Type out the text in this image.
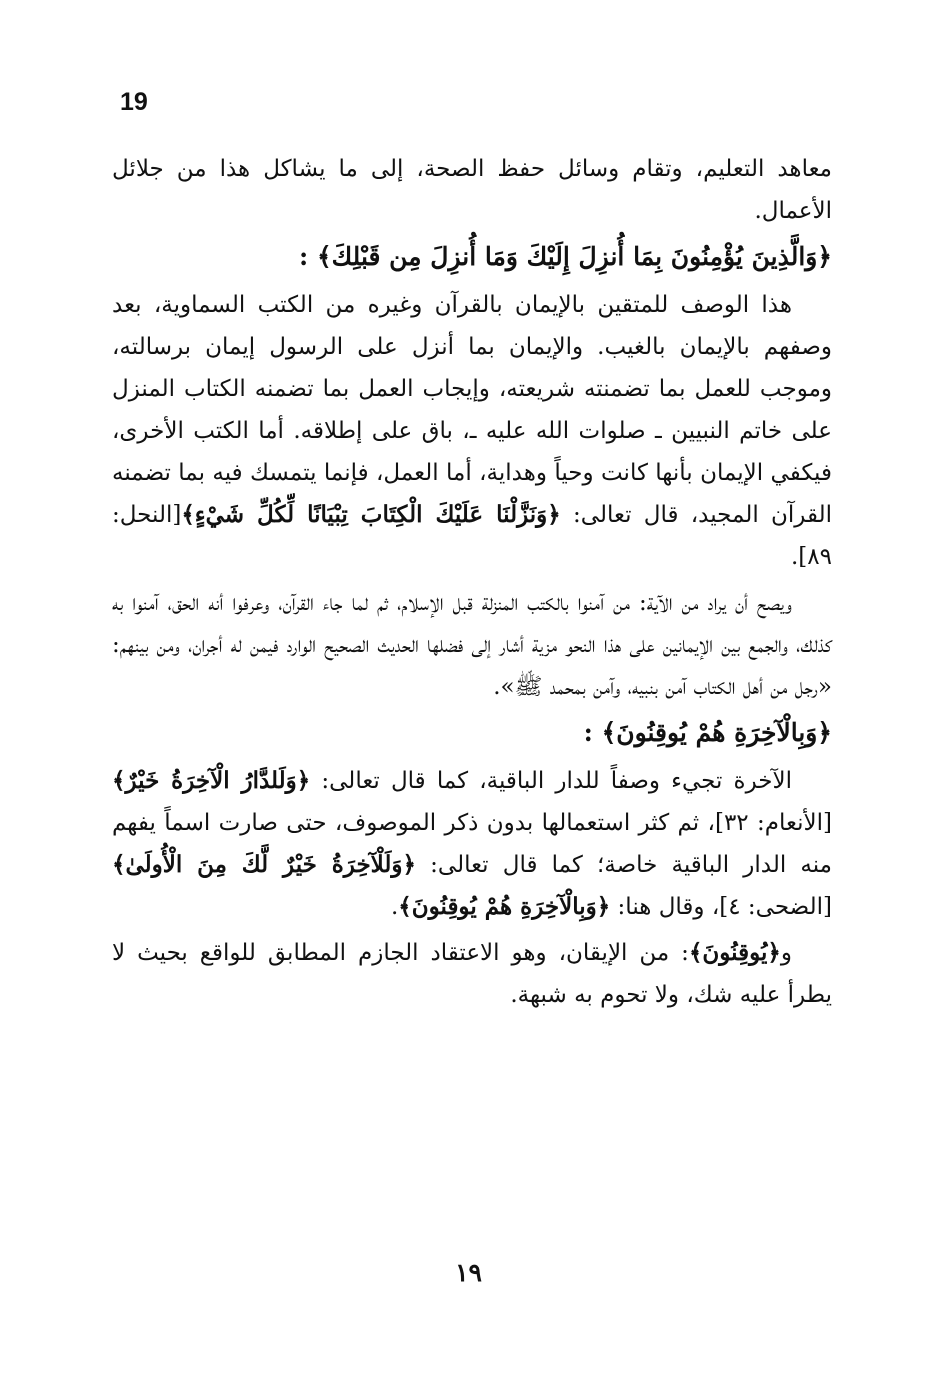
19

معاهد التعليم، وتقام وسائل حفظ الصحة، إلى ما يشاكل هذا من جلائل الأعمال.

﴿وَالَّذِينَ يُؤْمِنُونَ بِمَا أُنزِلَ إِلَيْكَ وَمَا أُنزِلَ مِن قَبْلِكَ﴾ :

هذا الوصف للمتقين بالإيمان بالقرآن وغيره من الكتب السماوية، بعد وصفهم بالإيمان بالغيب. والإيمان بما أنزل على الرسول إيمان برسالته، وموجب للعمل بما تضمنته شريعته، وإيجاب العمل بما تضمنه الكتاب المنزل على خاتم النبيين ـ صلوات الله عليه ـ، باق على إطلاقه. أما الكتب الأخرى، فيكفي الإيمان بأنها كانت وحياً وهداية، أما العمل، فإنما يتمسك فيه بما تضمنه القرآن المجيد، قال تعالى: ﴿وَنَزَّلْنَا عَلَيْكَ الْكِتَابَ تِبْيَانًا لِّكُلِّ شَيْءٍ﴾[النحل: ٨٩].

ويصح أن يراد من الآية: من آمنوا بالكتب المنزلة قبل الإسلام، ثم لما جاء القرآن، وعرفوا أنه الحق، آمنوا به كذلك، والجمع بين الإيمانين على هذا النحو مزية أشار إلى فضلها الحديث الصحيح الوارد فيمن له أجران، ومن بينهم: «رجل من أهل الكتاب آمن بنبيه، وآمن بمحمد ﷺ».

﴿وَبِالْآخِرَةِ هُمْ يُوقِنُونَ﴾ :

الآخرة تجيء وصفاً للدار الباقية، كما قال تعالى: ﴿وَلَلدَّارُ الْآخِرَةُ خَيْرٌ﴾[الأنعام: ٣٢]، ثم كثر استعمالها بدون ذكر الموصوف، حتى صارت اسماً يفهم منه الدار الباقية خاصة؛ كما قال تعالى: ﴿وَلَلْآخِرَةُ خَيْرٌ لَّكَ مِنَ الْأُولَىٰ﴾[الضحى: ٤]، وقال هنا: ﴿وَبِالْآخِرَةِ هُمْ يُوقِنُونَ﴾.

و﴿يُوقِنُونَ﴾: من الإيقان، وهو الاعتقاد الجازم المطابق للواقع بحيث لا يطرأ عليه شك، ولا تحوم به شبهة.

١٩
